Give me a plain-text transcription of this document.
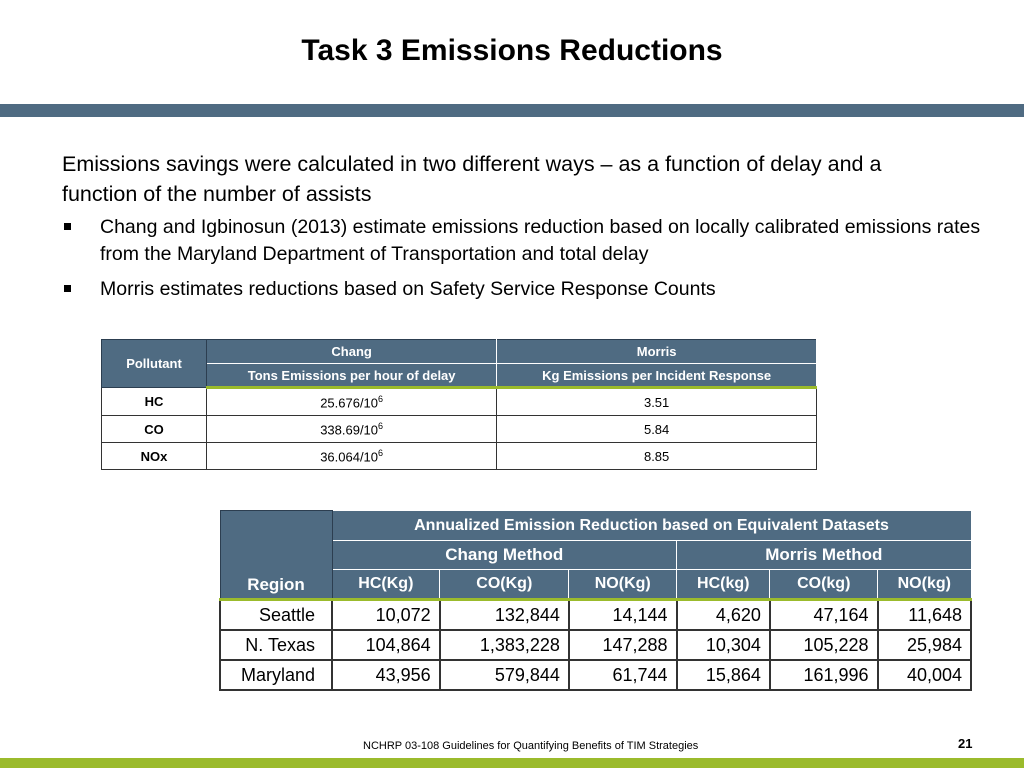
Task 3 Emissions Reductions
Emissions savings were calculated in two different ways – as a function of delay and a function of the number of assists
Chang and Igbinosun (2013) estimate emissions reduction based on locally calibrated emissions rates from the Maryland Department of Transportation and total delay
Morris estimates reductions based on Safety Service Response Counts
Pollutant	Chang	Morris
	Tons Emissions per hour of delay	Kg Emissions per Incident Response
HC	$25.676/10^6$	3.51
CO	$338.69/10^6$	5.84
NOx	$36.064/10^6$	8.85
Region	Annualized Emission Reduction based on Equivalent Datasets					
	Chang Method			Morris Method		
	HC(Kg)	CO(Kg)	NO(Kg)	HC(kg)	CO(kg)	NO(kg)
Seattle	10,072	132,844	14,144	4,620	47,164	11,648
N. Texas	104,864	1,383,228	147,288	10,304	105,228	25,984
Maryland	43,956	579,844	61,744	15,864	161,996	40,004
NCHRP 03-108 Guidelines for Quantifying Benefits of TIM Strategies	21
